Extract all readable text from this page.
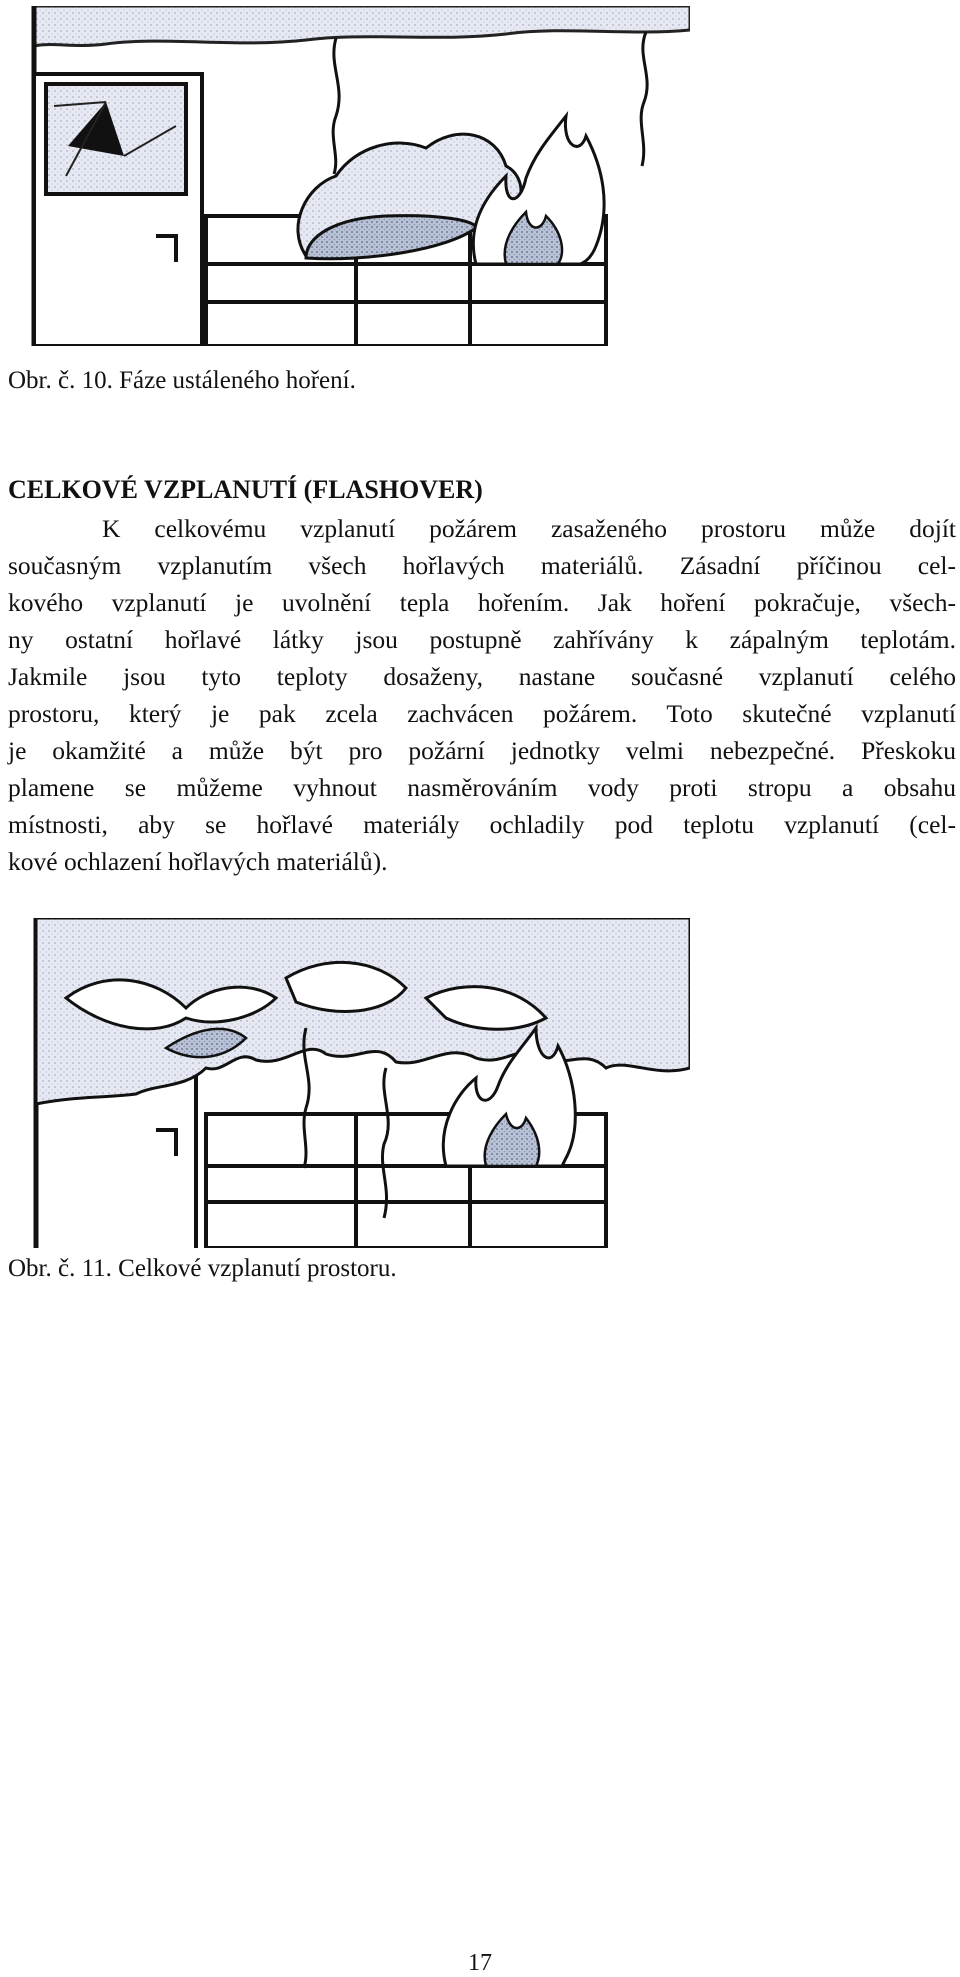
Obr. č. 10. Fáze ustáleného hoření.
CELKOVÉ VZPLANUTÍ (FLASHOVER)
K celkovému vzplanutí požárem zasaženého prostoru může dojít
současným vzplanutím všech hořlavých materiálů. Zásadní příčinou cel-
kového vzplanutí je uvolnění tepla hořením. Jak hoření pokračuje, všech-
ny ostatní hořlavé látky jsou postupně zahřívány k zápalným teplotám.
Jakmile jsou tyto teploty dosaženy, nastane současné vzplanutí celého
prostoru, který je pak zcela zachvácen požárem. Toto skutečné vzplanutí
je okamžité a může být pro požární jednotky velmi nebezpečné. Přeskoku
plamene se můžeme vyhnout nasměrováním vody proti stropu a obsahu
místnosti, aby se hořlavé materiály ochladily pod teplotu vzplanutí (cel-
kové ochlazení hořlavých materiálů).
Obr. č. 11. Celkové vzplanutí prostoru.
17
